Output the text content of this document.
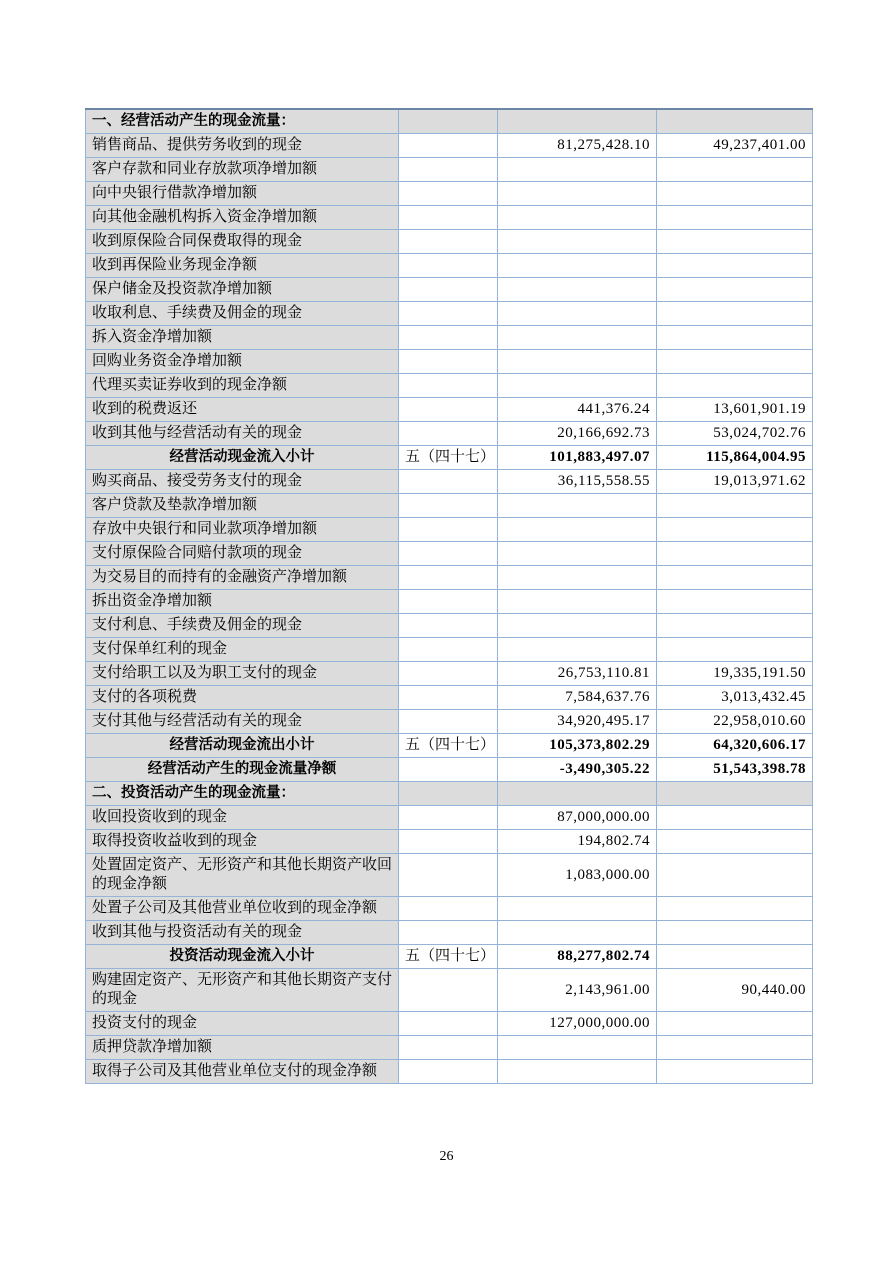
一、经营活动产生的现金流量：			
销售商品、提供劳务收到的现金		81,275,428.10	49,237,401.00
客户存款和同业存放款项净增加额			
向中央银行借款净增加额			
向其他金融机构拆入资金净增加额			
收到原保险合同保费取得的现金			
收到再保险业务现金净额			
保户储金及投资款净增加额			
收取利息、手续费及佣金的现金			
拆入资金净增加额			
回购业务资金净增加额			
代理买卖证券收到的现金净额			
收到的税费返还		441,376.24	13,601,901.19
收到其他与经营活动有关的现金		20,166,692.73	53,024,702.76
经营活动现金流入小计	五（四十七）	101,883,497.07	115,864,004.95
购买商品、接受劳务支付的现金		36,115,558.55	19,013,971.62
客户贷款及垫款净增加额			
存放中央银行和同业款项净增加额			
支付原保险合同赔付款项的现金			
为交易目的而持有的金融资产净增加额			
拆出资金净增加额			
支付利息、手续费及佣金的现金			
支付保单红利的现金			
支付给职工以及为职工支付的现金		26,753,110.81	19,335,191.50
支付的各项税费		7,584,637.76	3,013,432.45
支付其他与经营活动有关的现金		34,920,495.17	22,958,010.60
经营活动现金流出小计	五（四十七）	105,373,802.29	64,320,606.17
经营活动产生的现金流量净额		-3,490,305.22	51,543,398.78
二、投资活动产生的现金流量：			
收回投资收到的现金		87,000,000.00	
取得投资收益收到的现金		194,802.74	
处置固定资产、无形资产和其他长期资产收回的现金净额		1,083,000.00	
处置子公司及其他营业单位收到的现金净额			
收到其他与投资活动有关的现金			
投资活动现金流入小计	五（四十七）	88,277,802.74	
购建固定资产、无形资产和其他长期资产支付的现金		2,143,961.00	90,440.00
投资支付的现金		127,000,000.00	
质押贷款净增加额			
取得子公司及其他营业单位支付的现金净额			
26
